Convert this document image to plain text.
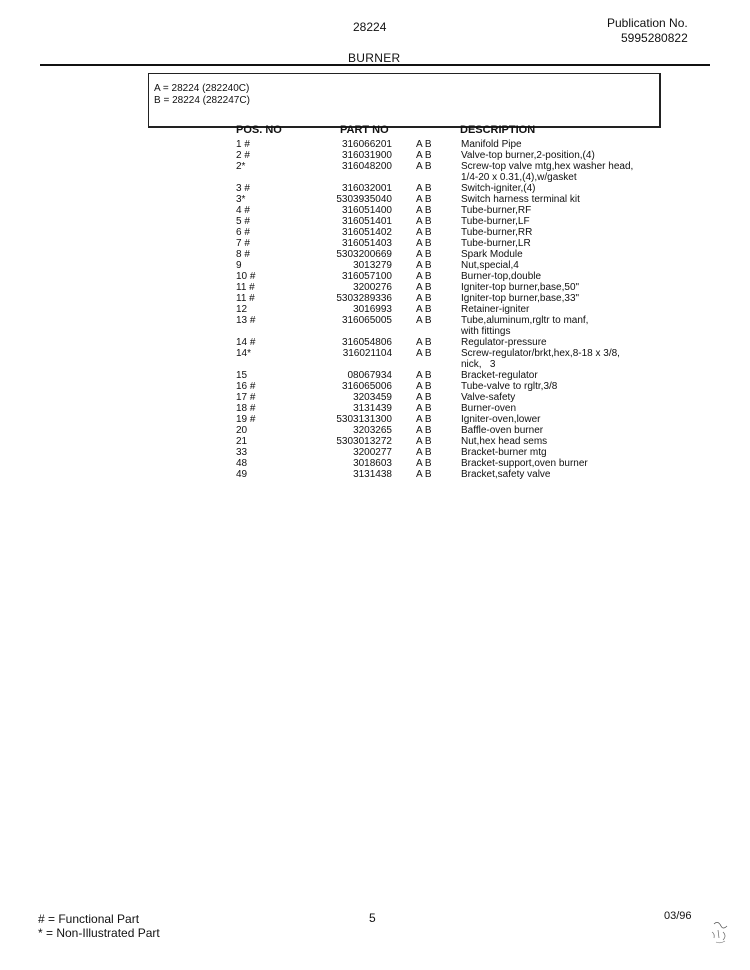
28224	Publication No.
5995280822
BURNER
A = 28224 (282240C)
B = 28224 (282247C)
POS. NO	PART NO	DESCRIPTION
1 #	316066201 A B	Manifold Pipe
2 #	316031900 A B	Valve-top burner,2-position,(4)
2*	316048200 A B	Screw-top valve mtg,hex washer head,
1/4-20 x 0.31,(4),w/gasket
3 #	316032001 A B	Switch-igniter,(4)
3*	5303935040 A B	Switch harness terminal kit
4 #	316051400 A B	Tube-burner,RF
5 #	316051401 A B	Tube-burner,LF
6 #	316051402 A B	Tube-burner,RR
7 #	316051403 A B	Tube-burner,LR
8 #	5303200669 A B	Spark Module
9	3013279 A B	Nut,special,4
10 #	316057100 A B	Burner-top,double
11 #	3200276 A B	Igniter-top burner,base,50"
11 #	5303289336 A B	Igniter-top burner,base,33"
12	3016993 A B	Retainer-igniter
13 #	316065005 A B	Tube,aluminum,rgltr to manf,
with fittings
14 #	316054806 A B	Regulator-pressure
14*	316021104 A B	Screw-regulator/brkt,hex,8-18 x 3/8,
nick,   3
15	08067934 A B	Bracket-regulator
16 #	316065006 A B	Tube-valve to rgltr,3/8
17 #	3203459 A B	Valve-safety
18 #	3131439 A B	Burner-oven
19 #	5303131300 A B	Igniter-oven,lower
20	3203265 A B	Baffle-oven burner
21	5303013272 A B	Nut,hex head sems
33	3200277 A B	Bracket-burner mtg
48	3018603 A B	Bracket-support,oven burner
49	3131438 A B	Bracket,safety valve
# = Functional Part
* = Non-Illustrated Part
5	03/96
